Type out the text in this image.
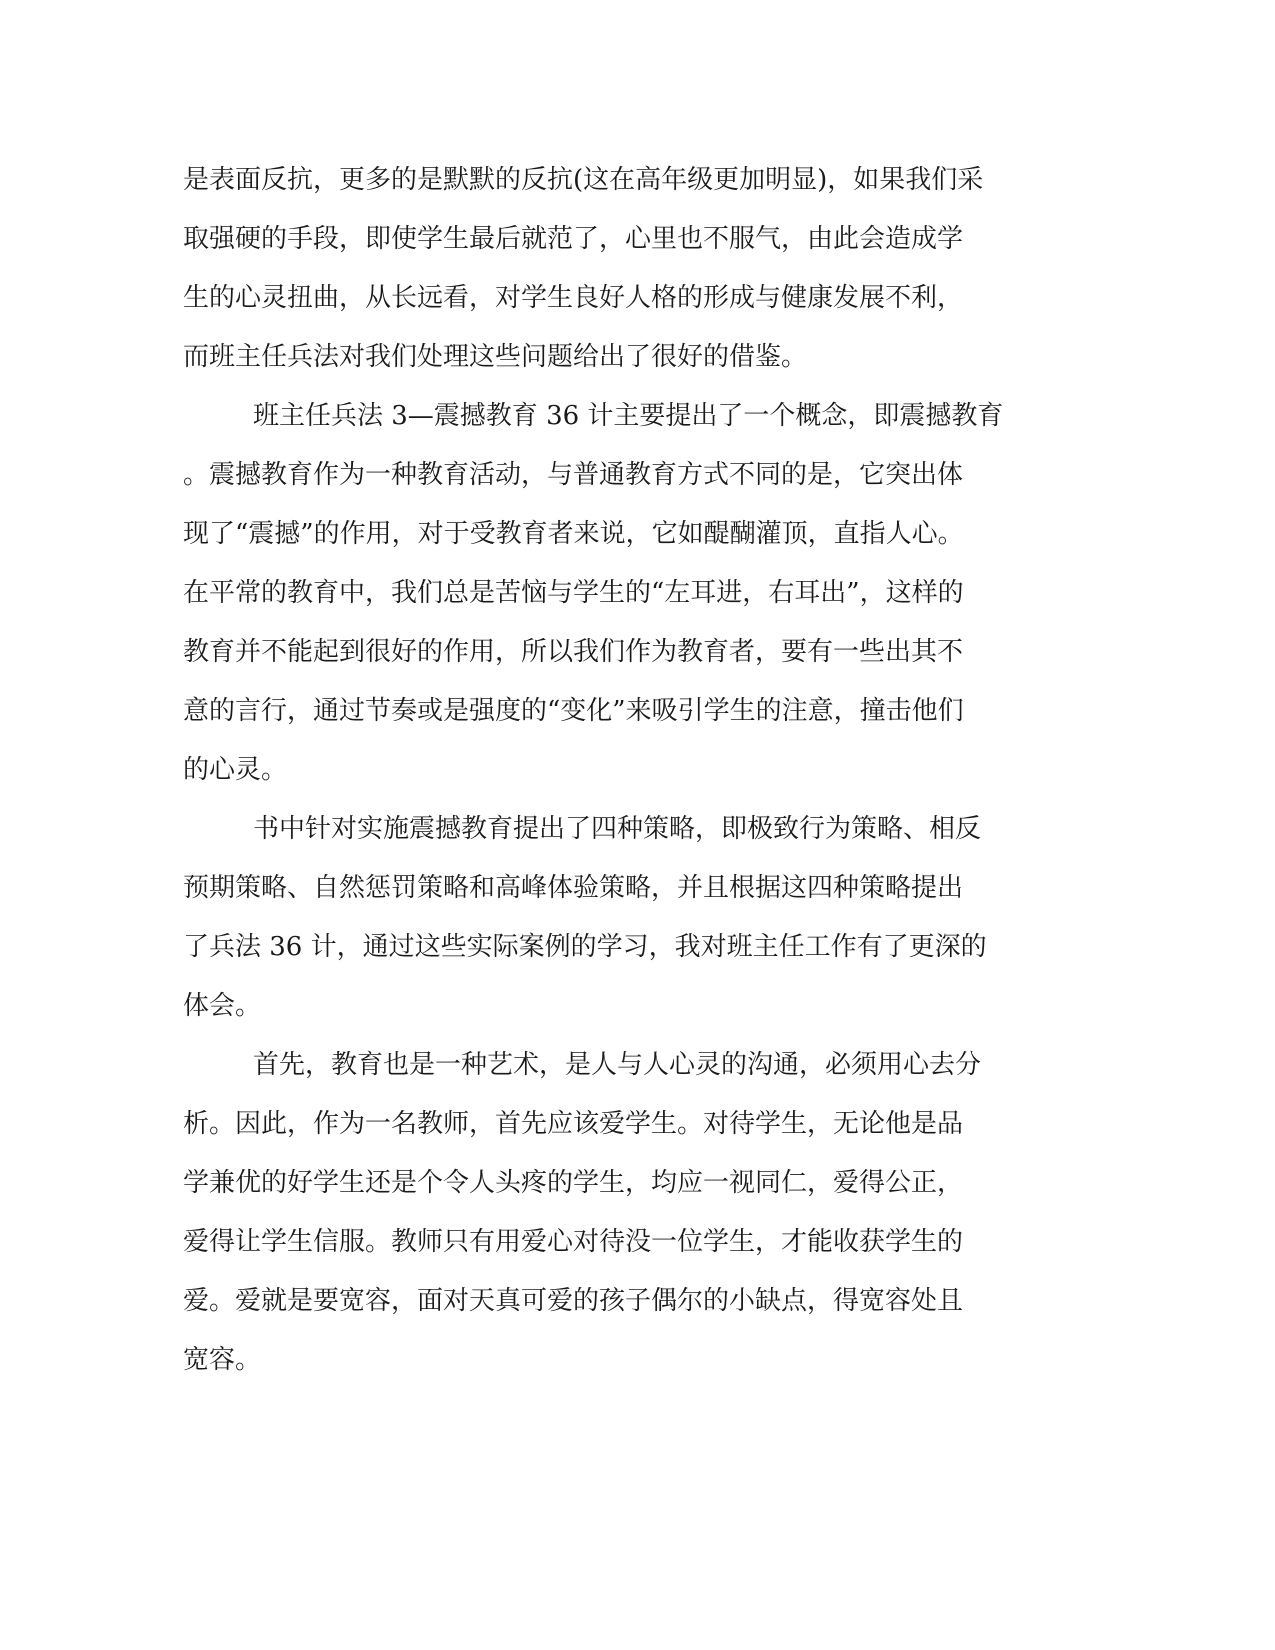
是表面反抗，更多的是默默的反抗(这在高年级更加明显)，如果我们采
取强硬的手段，即使学生最后就范了，心里也不服气，由此会造成学
生的心灵扭曲，从长远看，对学生良好人格的形成与健康发展不利，
而班主任兵法对我们处理这些问题给出了很好的借鉴。
班主任兵法 3—震撼教育 36 计主要提出了一个概念，即震撼教育
。震撼教育作为一种教育活动，与普通教育方式不同的是，它突出体
现了“震撼”的作用，对于受教育者来说，它如醍醐灌顶，直指人心。
在平常的教育中，我们总是苦恼与学生的“左耳进，右耳出”，这样的
教育并不能起到很好的作用，所以我们作为教育者，要有一些出其不
意的言行，通过节奏或是强度的“变化”来吸引学生的注意，撞击他们
的心灵。
书中针对实施震撼教育提出了四种策略，即极致行为策略、相反
预期策略、自然惩罚策略和高峰体验策略，并且根据这四种策略提出
了兵法 36 计，通过这些实际案例的学习，我对班主任工作有了更深的
体会。
首先，教育也是一种艺术，是人与人心灵的沟通，必须用心去分
析。因此，作为一名教师，首先应该爱学生。对待学生，无论他是品
学兼优的好学生还是个令人头疼的学生，均应一视同仁，爱得公正，
爱得让学生信服。教师只有用爱心对待没一位学生，才能收获学生的
爱。爱就是要宽容，面对天真可爱的孩子偶尔的小缺点，得宽容处且
宽容。
